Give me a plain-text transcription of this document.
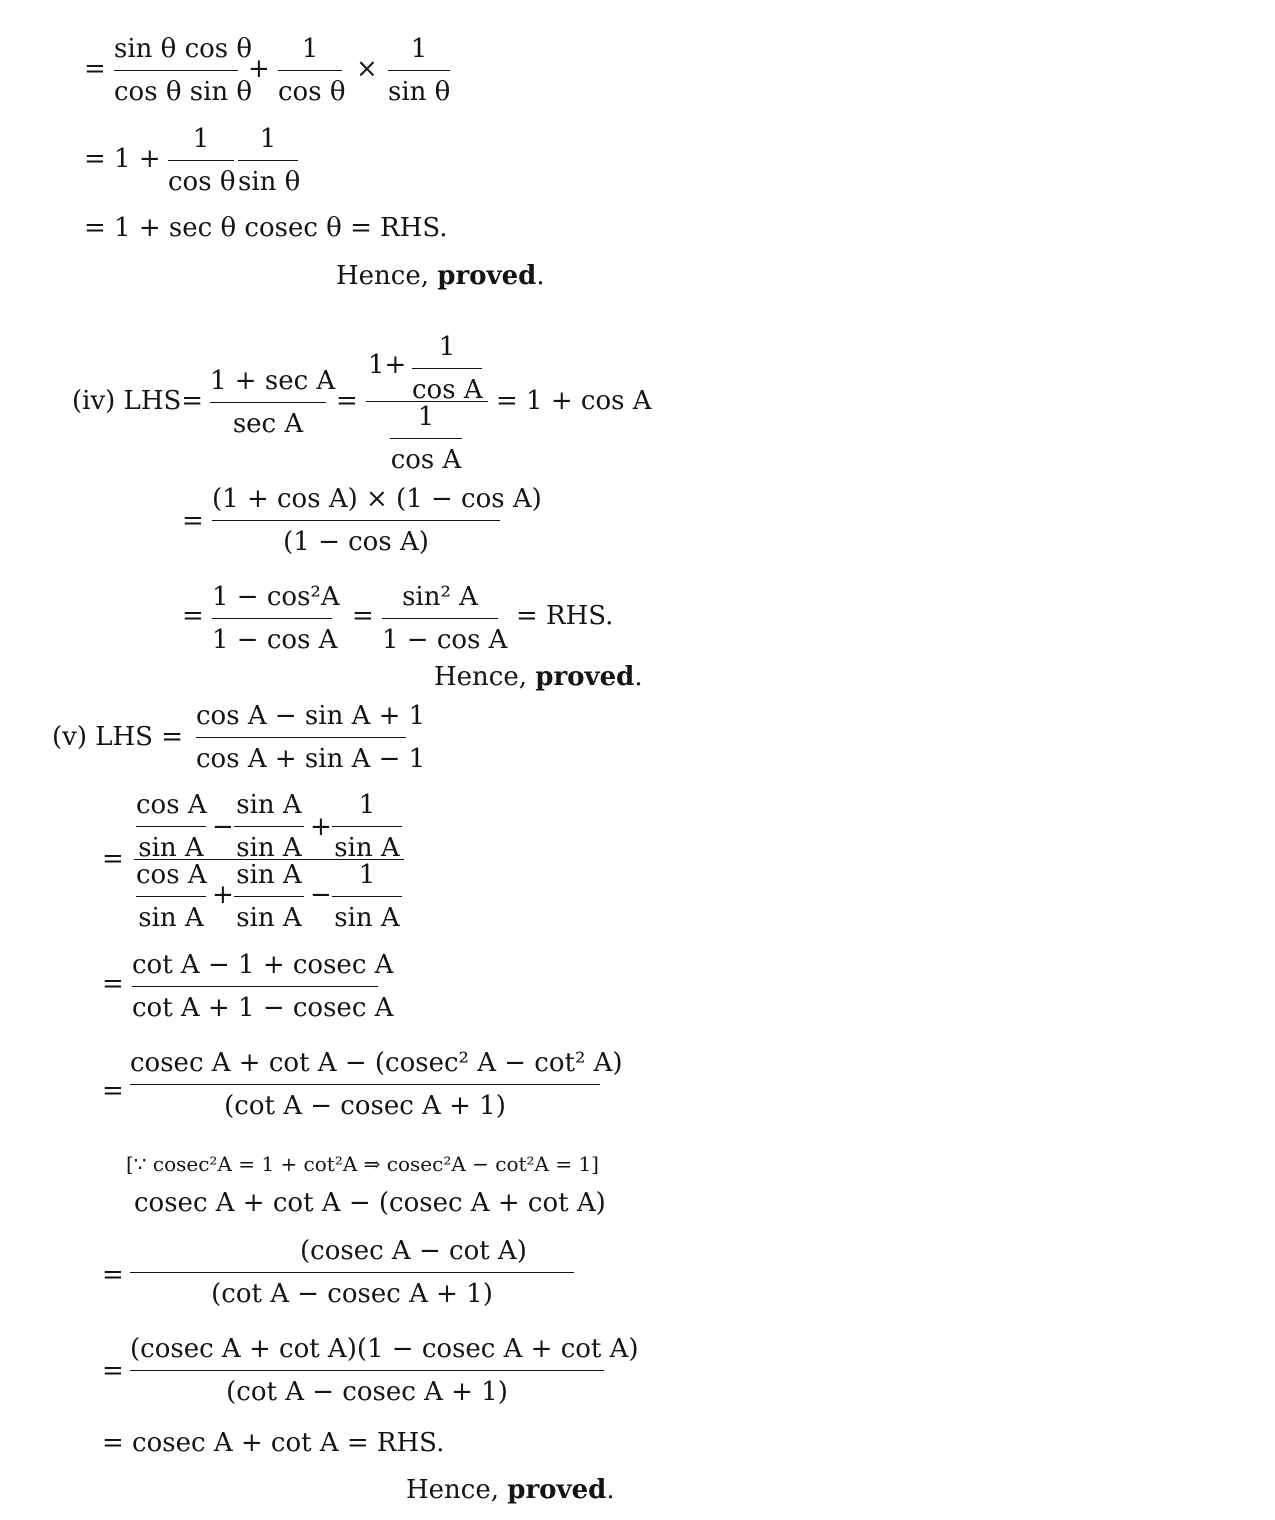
=
sin θ cos θ
cos θ sin θ
+
1
cos θ
×
1
sin θ
= 1 +
1
cos θ
1
sin θ
= 1 + sec θ cosec θ = RHS.
Hence, proved.
(iv) LHS=
1 + sec A
sec A
=
1+
1
cos A
1
cos A
= 1 + cos A
=
(1 + cos A) × (1 − cos A)
(1 − cos A)
=
1 − cos²A
1 − cos A
=
sin² A
1 − cos A
= RHS.
Hence, proved.
(v) LHS =
cos A − sin A + 1
cos A + sin A − 1
=
cos A
sin A
−
sin A
sin A
+
1
sin A
cos A
sin A
+
sin A
sin A
−
1
sin A
=
cot A − 1 + cosec A
cot A + 1 − cosec A
=
cosec A + cot A − (cosec² A − cot² A)
(cot A − cosec A + 1)
[∵ cosec²A = 1 + cot²A ⇒ cosec²A − cot²A = 1]
cosec A + cot A − (cosec A + cot A)
=
(cosec A − cot A)
(cot A − cosec A + 1)
=
(cosec A + cot A)(1 − cosec A + cot A)
(cot A − cosec A + 1)
= cosec A + cot A = RHS.
Hence, proved.
